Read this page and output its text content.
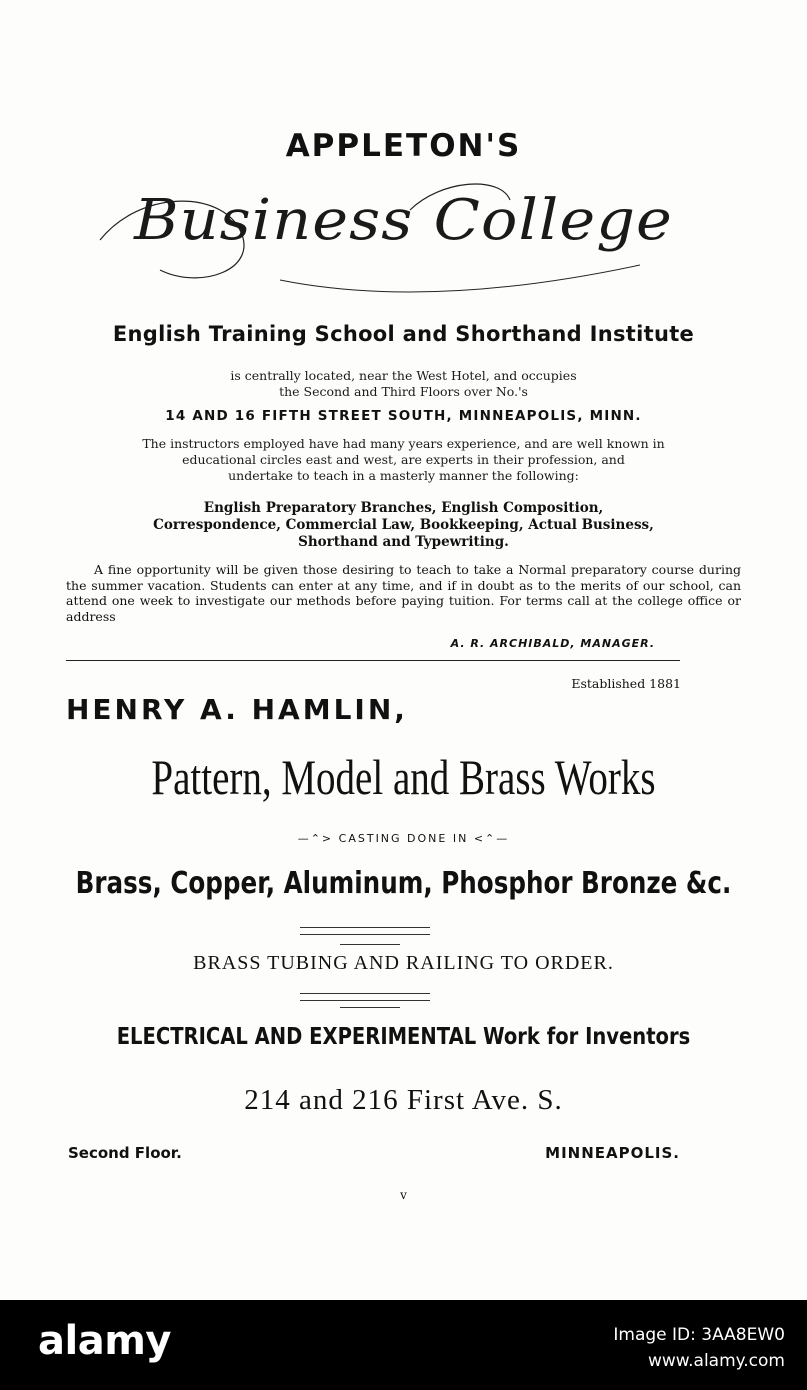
APPLETON'S
Business College
English Training School and Shorthand Institute
is centrally located, near the West Hotel, and occupies
the Second and Third Floors over No.'s
14 AND 16 FIFTH STREET SOUTH, MINNEAPOLIS, MINN.
The instructors employed have had many years experience, and are well known in
educational circles east and west, are experts in their profession, and
undertake to teach in a masterly manner the following:
English Preparatory Branches, English Composition,
Correspondence, Commercial Law, Bookkeeping, Actual Business,
Shorthand and Typewriting.
A fine opportunity will be given those desiring to teach to take a Normal preparatory course during the summer vacation. Students can enter at any time, and if in doubt as to the merits of our school, can attend one week to investigate our methods before paying tuition. For terms call at the college office or address
A. R. ARCHIBALD, MANAGER.
Established 1881
HENRY A. HAMLIN,
Pattern, Model and Brass Works
—⌃> CASTING DONE IN <⌃—
Brass, Copper, Aluminum, Phosphor Bronze &c.
BRASS TUBING AND RAILING TO ORDER.
ELECTRICAL AND EXPERIMENTAL Work for Inventors
214 and 216 First Ave. S.
Second Floor.	MINNEAPOLIS.
v
alamy	Image ID: 3AA8EW0
www.alamy.com
